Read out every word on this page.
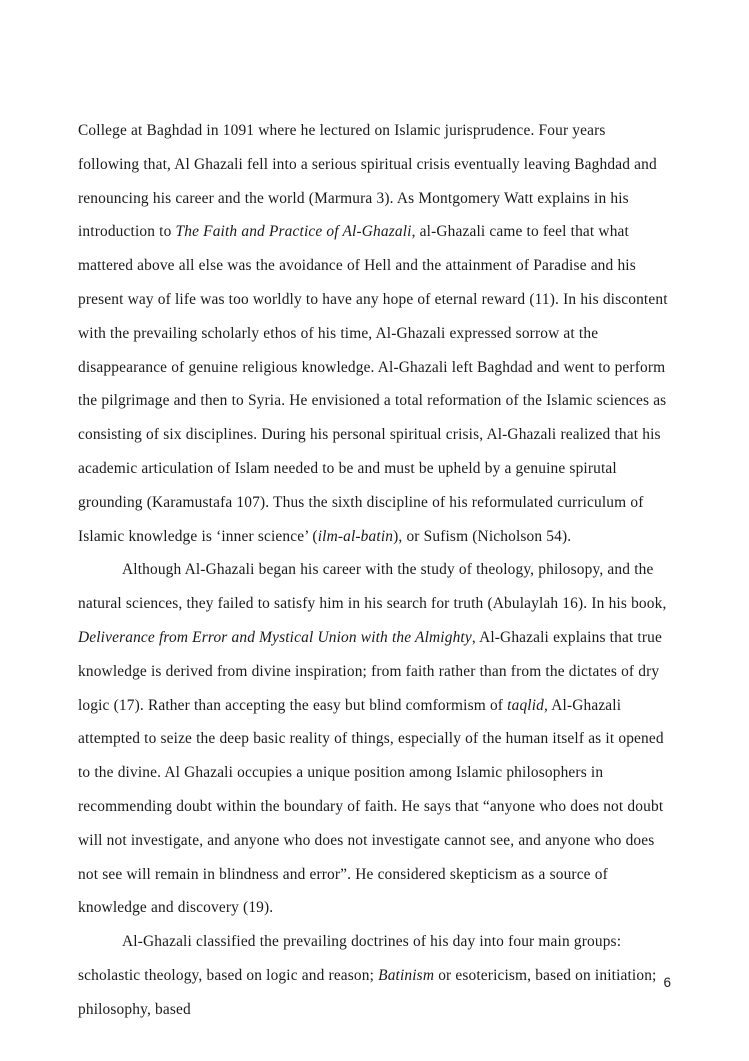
College at Baghdad in 1091 where he lectured on Islamic jurisprudence. Four years following that, Al Ghazali fell into a serious spiritual crisis eventually leaving Baghdad and renouncing his career and the world (Marmura 3). As Montgomery Watt explains in his introduction to The Faith and Practice of Al-Ghazali, al-Ghazali came to feel that what mattered above all else was the avoidance of Hell and the attainment of Paradise and his present way of life was too worldly to have any hope of eternal reward (11). In his discontent with the prevailing scholarly ethos of his time, Al-Ghazali expressed sorrow at the disappearance of genuine religious knowledge. Al-Ghazali left Baghdad and went to perform the pilgrimage and then to Syria. He envisioned a total reformation of the Islamic sciences as consisting of six disciplines. During his personal spiritual crisis, Al-Ghazali realized that his academic articulation of Islam needed to be and must be upheld by a genuine spirutal grounding (Karamustafa 107). Thus the sixth discipline of his reformulated curriculum of Islamic knowledge is ‘inner science’ (ilm-al-batin), or Sufism (Nicholson 54).

Although Al-Ghazali began his career with the study of theology, philosopy, and the natural sciences, they failed to satisfy him in his search for truth (Abulaylah 16). In his book, Deliverance from Error and Mystical Union with the Almighty, Al-Ghazali explains that true knowledge is derived from divine inspiration; from faith rather than from the dictates of dry logic (17). Rather than accepting the easy but blind comformism of taqlid, Al-Ghazali attempted to seize the deep basic reality of things, especially of the human itself as it opened to the divine. Al Ghazali occupies a unique position among Islamic philosophers in recommending doubt within the boundary of faith. He says that “anyone who does not doubt will not investigate, and anyone who does not investigate cannot see, and anyone who does not see will remain in blindness and error”. He considered skepticism as a source of knowledge and discovery (19).

Al-Ghazali classified the prevailing doctrines of his day into four main groups: scholastic theology, based on logic and reason; Batinism or esotericism, based on initiation; philosophy, based

6
